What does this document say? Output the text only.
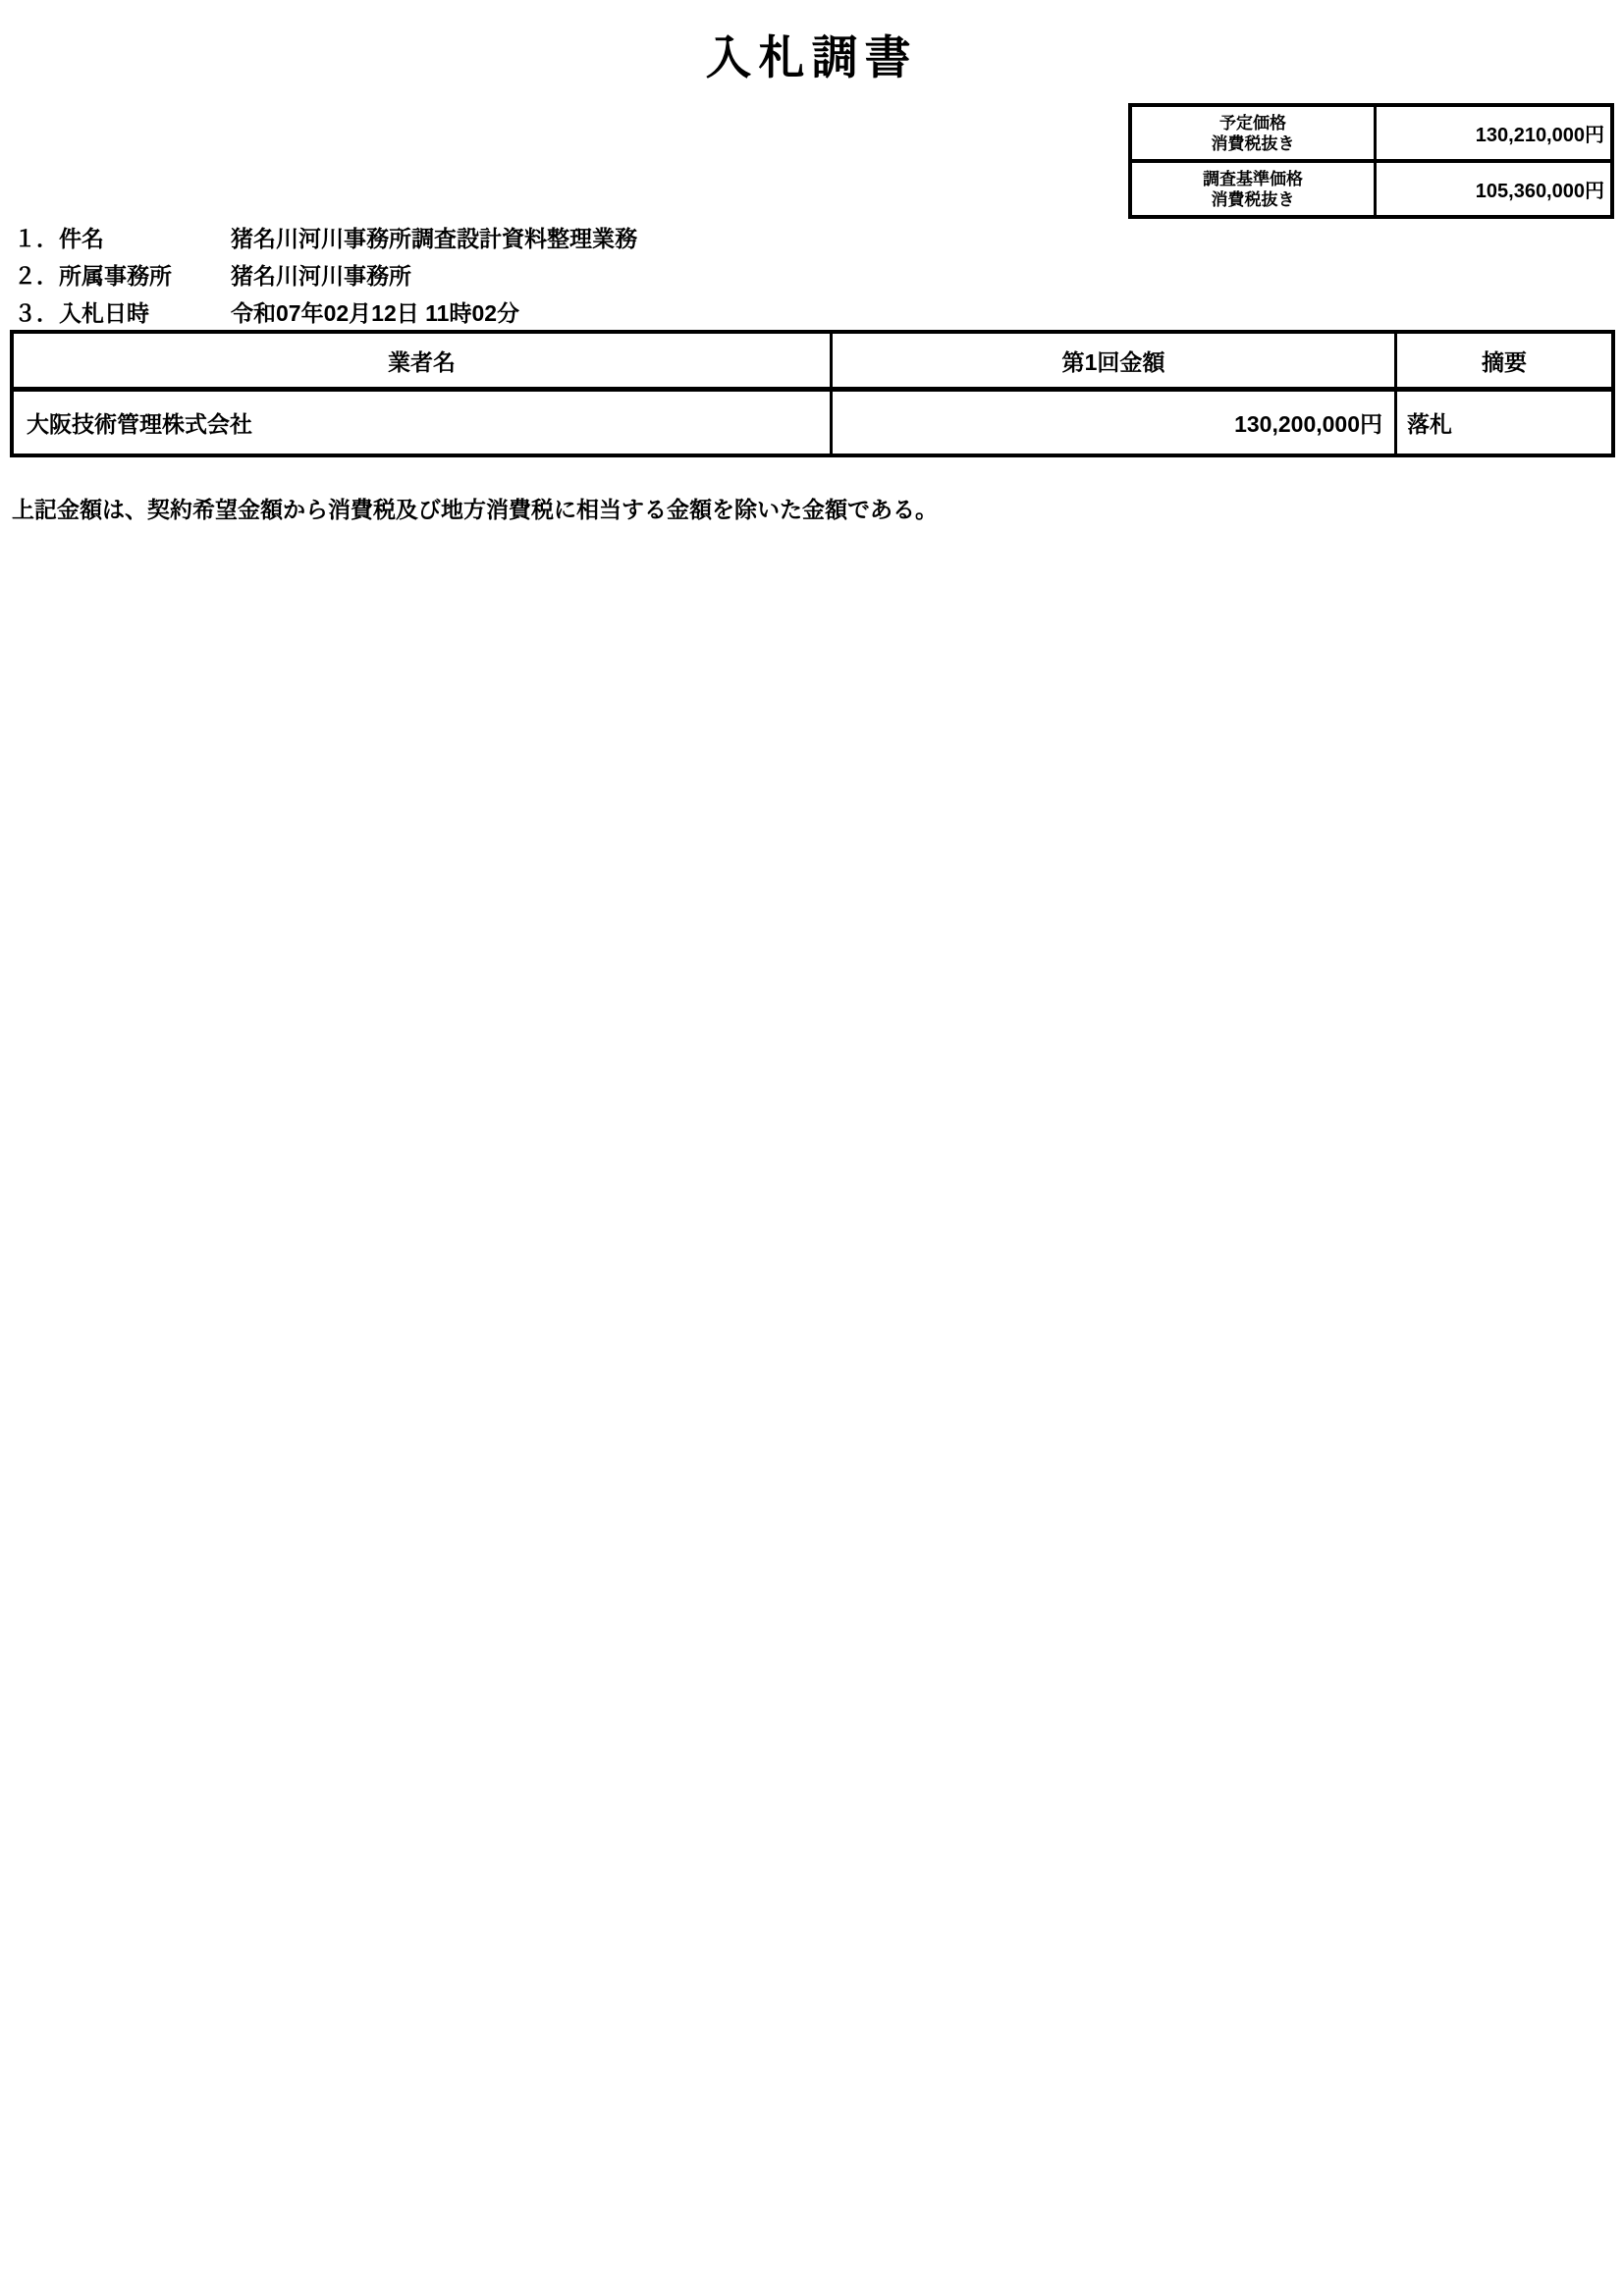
入札調書
予定価格
消費税抜き	130,210,000円
調査基準価格
消費税抜き	105,360,000円
１． 件名	猪名川河川事務所調査設計資料整理業務
２． 所属事務所	猪名川河川事務所
３． 入札日時	令和07年02月12日 11時02分
業者名	第1回金額	摘要
大阪技術管理株式会社	130,200,000円	落札
上記金額は、契約希望金額から消費税及び地方消費税に相当する金額を除いた金額である。
